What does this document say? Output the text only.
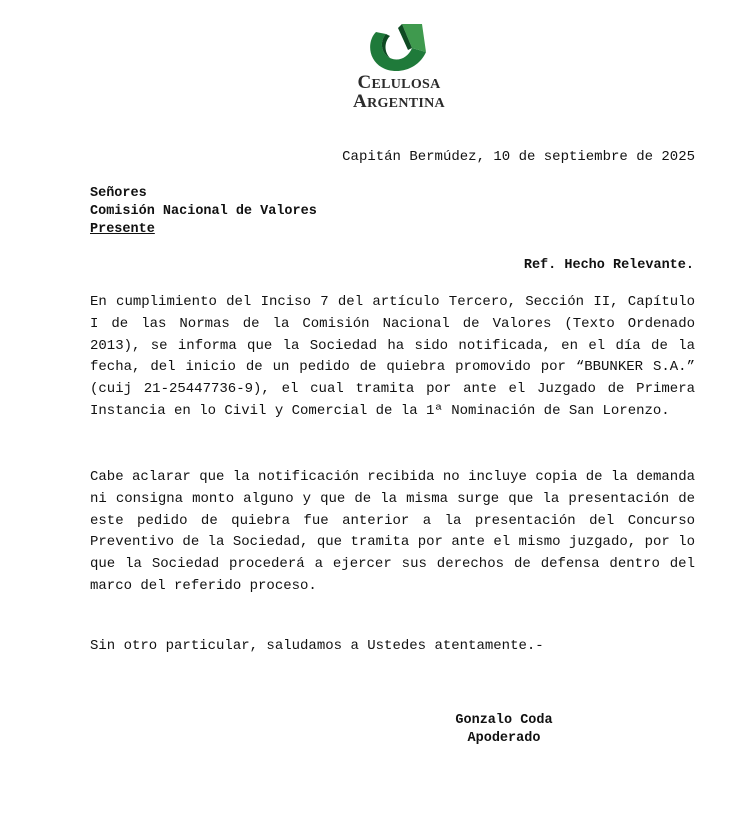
CELULOSA
ARGENTINA
Capitán Bermúdez, 10 de septiembre de 2025
Señores
Comisión Nacional de Valores
Presente
Ref. Hecho Relevante.

En cumplimiento del Inciso 7 del artículo Tercero, Sección II, Capítulo I de las Normas de la Comisión Nacional de Valores (Texto Ordenado 2013), se informa que la Sociedad ha sido notificada, en el día de la fecha, del inicio de un pedido de quiebra promovido por “BBUNKER S.A.” (cuij 21-25447736-9), el cual tramita por ante el Juzgado de Primera Instancia en lo Civil y Comercial de la 1ª Nominación de San Lorenzo.

Cabe aclarar que la notificación recibida no incluye copia de la demanda ni consigna monto alguno y que de la misma surge que la presentación de este pedido de quiebra fue anterior a la presentación del Concurso Preventivo de la Sociedad, que tramita por ante el mismo juzgado, por lo que la Sociedad procederá a ejercer sus derechos de defensa dentro del marco del referido proceso.

Sin otro particular, saludamos a Ustedes atentamente.-
Gonzalo Coda
Apoderado
